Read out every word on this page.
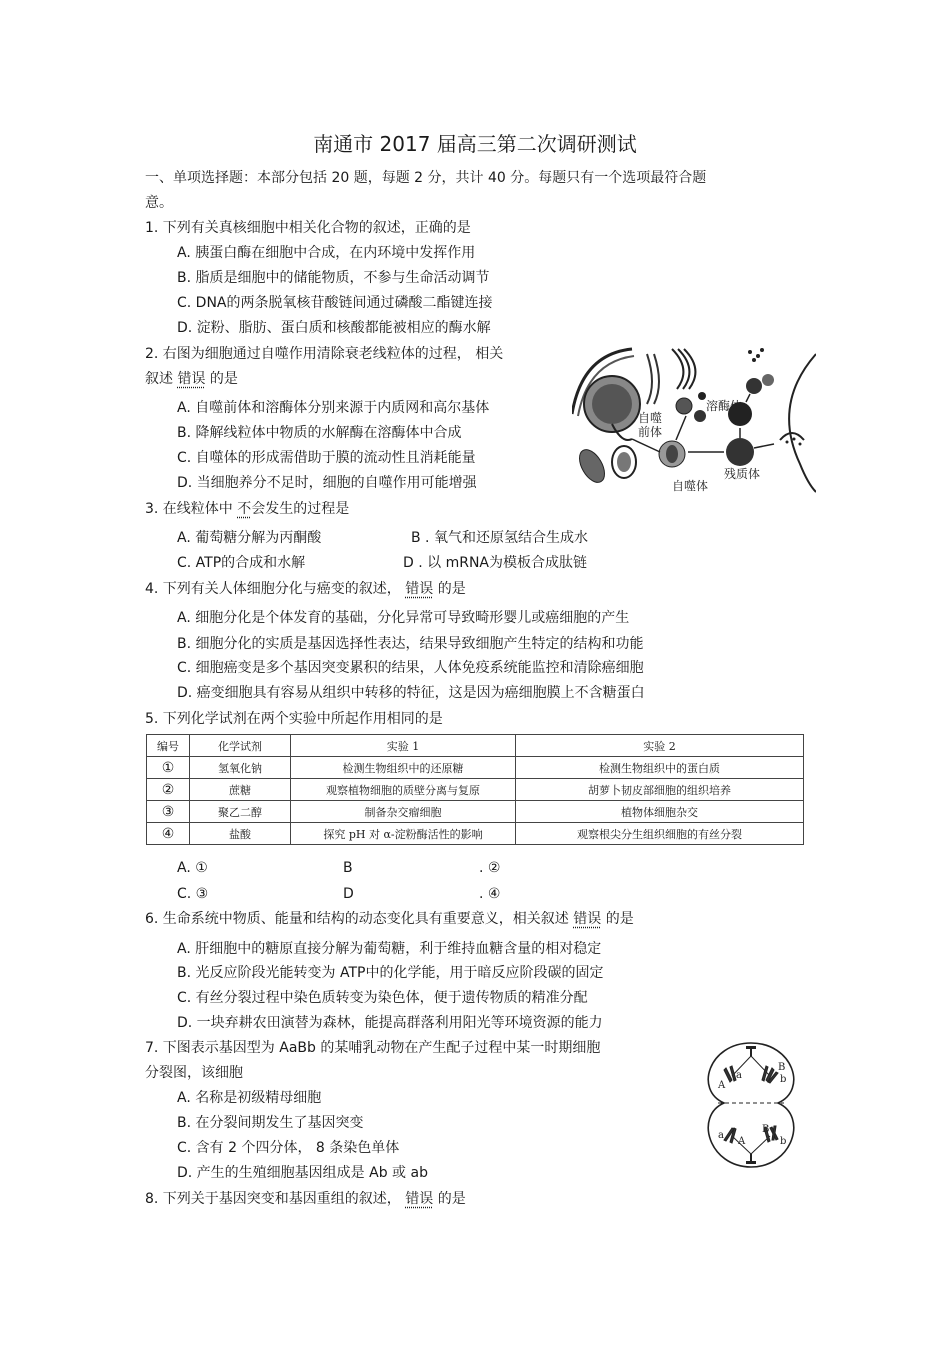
南通市 2017 届高三第二次调研测试
一、单项选择题：本部分包括 20 题，每题 2 分，共计 40 分。每题只有一个选项最符合题
意。
1. 下列有关真核细胞中相关化合物的叙述，正确的是
A. 胰蛋白酶在细胞中合成，在内环境中发挥作用
B. 脂质是细胞中的储能物质，不参与生命活动调节
C. DNA的两条脱氧核苷酸链间通过磷酸二酯键连接
D. 淀粉、脂肪、蛋白质和核酸都能被相应的酶水解
2. 右图为细胞通过自噬作用清除衰老线粒体的过程， 相关
叙述 错误 的是
A. 自噬前体和溶酶体分别来源于内质网和高尔基体
B. 降解线粒体中物质的水解酶在溶酶体中合成
C. 自噬体的形成需借助于膜的流动性且消耗能量
D. 当细胞养分不足时，细胞的自噬作用可能增强
溶酶体
自噬
前体
自噬体
残质体
3. 在线粒体中 不会发生的过程是
A. 葡萄糖分解为丙酮酸	B . 氧气和还原氢结合生成水
C. ATP的合成和水解	D . 以 mRNA为模板合成肽链
4. 下列有关人体细胞分化与癌变的叙述， 错误 的是
A. 细胞分化是个体发育的基础，分化异常可导致畸形婴儿或癌细胞的产生
B. 细胞分化的实质是基因选择性表达，结果导致细胞产生特定的结构和功能
C. 细胞癌变是多个基因突变累积的结果，人体免疫系统能监控和清除癌细胞
D. 癌变细胞具有容易从组织中转移的特征，这是因为癌细胞膜上不含糖蛋白
5. 下列化学试剂在两个实验中所起作用相同的是
编号	化学试剂	实验 1	实验 2
①	氢氧化钠	检测生物组织中的还原糖	检测生物组织中的蛋白质
②	蔗糖	观察植物细胞的质壁分离与复原	胡萝卜韧皮部细胞的组织培养
③	聚乙二醇	制备杂交瘤细胞	植物体细胞杂交
④	盐酸	探究 pH 对 α-淀粉酶活性的影响	观察根尖分生组织细胞的有丝分裂
A. ①	B	. ②
C. ③	D	. ④
6. 生命系统中物质、能量和结构的动态变化具有重要意义，相关叙述 错误 的是
A. 肝细胞中的糖原直接分解为葡萄糖，利于维持血糖含量的相对稳定
B. 光反应阶段光能转变为 ATP中的化学能，用于暗反应阶段碳的固定
C. 有丝分裂过程中染色质转变为染色体，便于遗传物质的精准分配
D. 一块弃耕农田演替为森林，能提高群落利用阳光等环境资源的能力
7. 下图表示基因型为 AaBb 的某哺乳动物在产生配子过程中某一时期细胞
分裂图，该细胞
A. 名称是初级精母细胞
B. 在分裂间期发生了基因突变
C. 含有 2 个四分体， 8 条染色单体
D. 产生的生殖细胞基因组成是 Ab 或 ab
A
a
B
b
a
A
B
b
8. 下列关于基因突变和基因重组的叙述， 错误 的是
